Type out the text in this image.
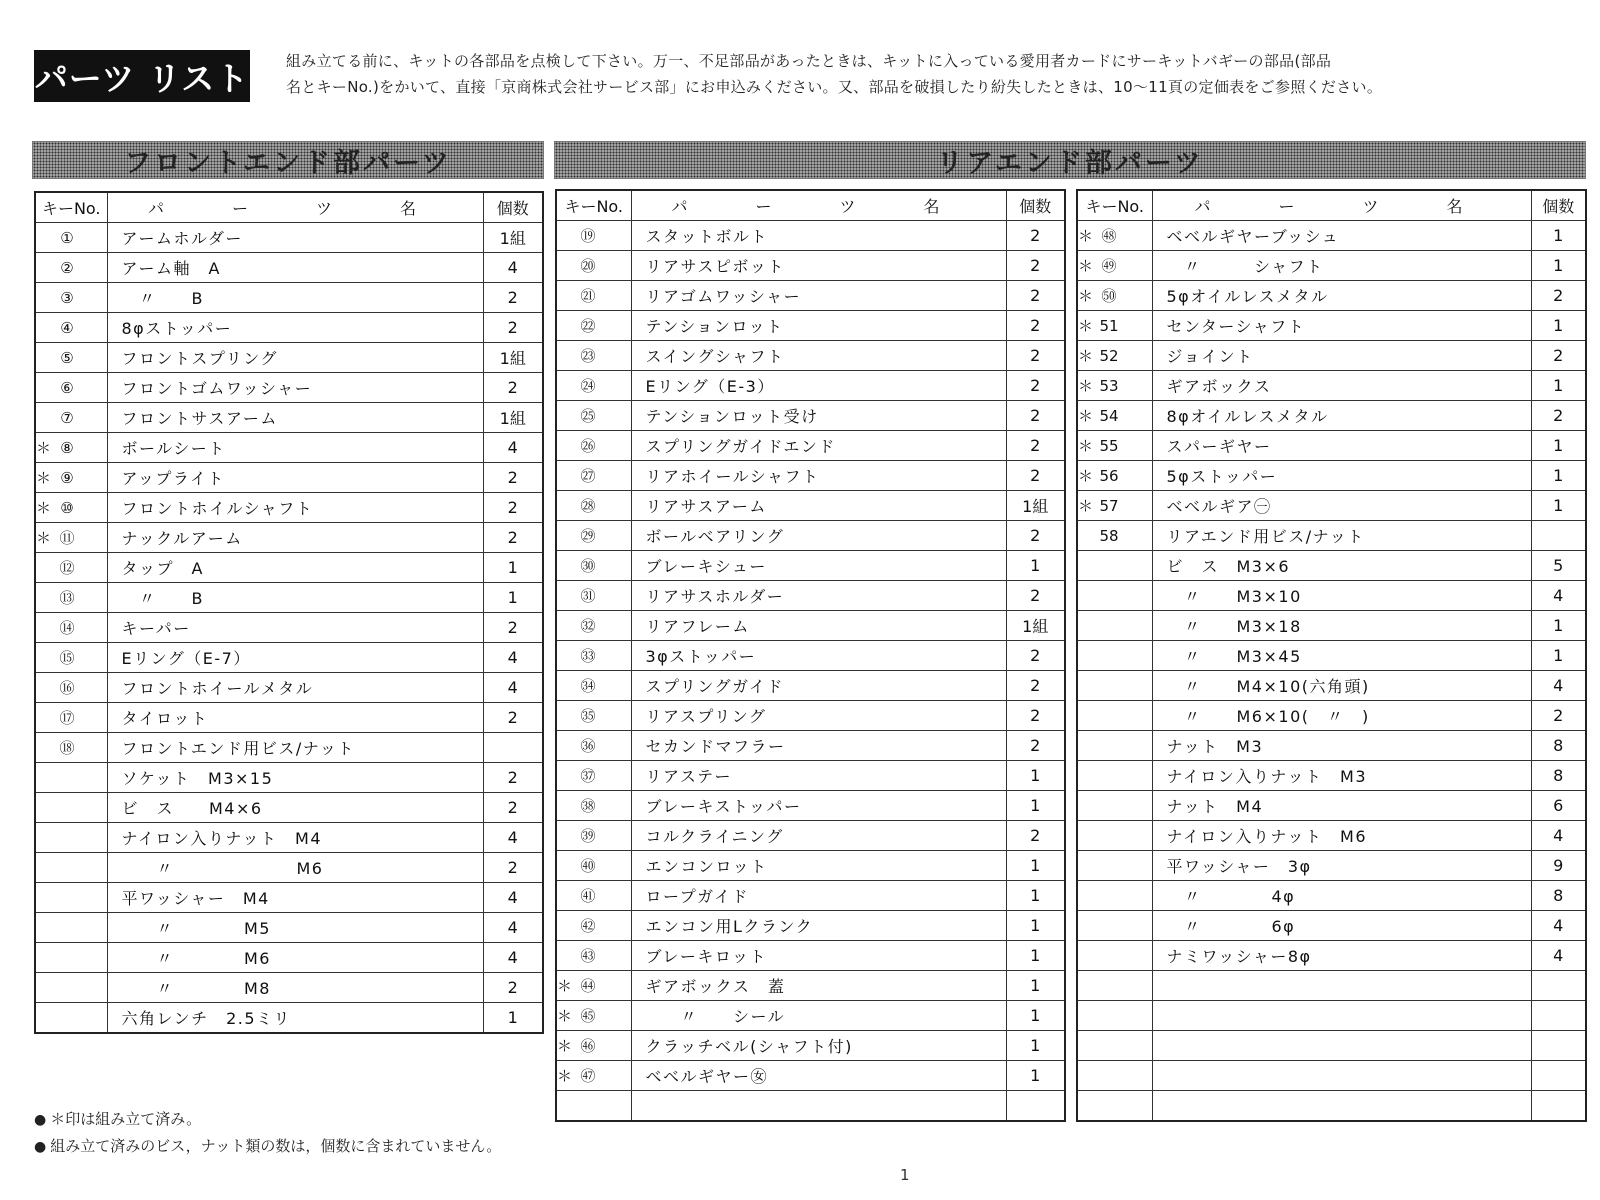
パーツ リスト 組み立てる前に、キットの各部品を点検して下さい。万一、不足部品があったときは、キットに入っている愛用者カードにサーキットバギーの部品(部品
名とキーNo.)をかいて、直接「京商株式会社サービス部」にお申込みください。又、部品を破損したり紛失したときは、10～11頁の定価表をご参照ください。
フロントエンド部パーツ	リアエンド部パーツ
キーNo.	パ　ー　ツ　名	個数
①	アームホルダー	1組
②	アーム軸　A	4
③	　〃　　B	2
④	8φストッパー	2
⑤	フロントスプリング	1組
⑥	フロントゴムワッシャー	2
⑦	フロントサスアーム	1組
＊ ⑧	ボールシート	4
＊ ⑨	アップライト	2
＊ ⑩	フロントホイルシャフト	2
＊ ⑪	ナックルアーム	2
⑫	タップ　A	1
⑬	　〃　　B	1
⑭	キーパー	2
⑮	Eリング（E-7）	4
⑯	フロントホイールメタル	4
⑰	タイロット	2
⑱	フロントエンド用ビス/ナット	
	ソケット　M3×15	2
	ビ　ス　　M4×6	2
	ナイロン入りナット　M4	4
	　　〃　　　　　　　M6	2
	平ワッシャー　M4	4
	　　〃　　　　M5	4
	　　〃　　　　M6	4
	　　〃　　　　M8	2
	六角レンチ　2.5ミリ	1
キーNo.	パ　ー　ツ　名	個数
⑲	スタットボルト	2
⑳	リアサスピボット	2
㉑	リアゴムワッシャー	2
㉒	テンションロット	2
㉓	スイングシャフト	2
㉔	Eリング（E-3）	2
㉕	テンションロット受け	2
㉖	スプリングガイドエンド	2
㉗	リアホイールシャフト	2
㉘	リアサスアーム	1組
㉙	ボールベアリング	2
㉚	ブレーキシュー	1
㉛	リアサスホルダー	2
㉜	リアフレーム	1組
㉝	3φストッパー	2
㉞	スプリングガイド	2
㉟	リアスプリング	2
㊱	セカンドマフラー	2
㊲	リアステー	1
㊳	ブレーキストッパー	1
㊴	コルクライニング	2
㊵	エンコンロット	1
㊶	ロープガイド	1
㊷	エンコン用Lクランク	1
㊸	ブレーキロット	1
＊ ㊹	ギアボックス　蓋	1
＊ ㊺	　　〃　　シール	1
＊ ㊻	クラッチベル(シャフト付)	1
＊ ㊼	ベベルギヤー㊛	1

キーNo.	パ　ー　ツ　名	個数
＊ ㊽	ベベルギヤーブッシュ	1
＊ ㊾	　〃　　　シャフト	1
＊ ㊿	5φオイルレスメタル	2
＊ 51	センターシャフト	1
＊ 52	ジョイント	2
＊ 53	ギアボックス	1
＊ 54	8φオイルレスメタル	2
＊ 55	スパーギヤー	1
＊ 56	5φストッパー	1
＊ 57	ベベルギア㊀	1
58	リアエンド用ビス/ナット	
	ビ　ス　M3×6	5
	　〃　　M3×10	4
	　〃　　M3×18	1
	　〃　　M3×45	1
	　〃　　M4×10(六角頭)	4
	　〃　　M6×10(　〃　)	2
	ナット　M3	8
	ナイロン入りナット　M3	8
	ナット　M4	6
	ナイロン入りナット　M6	4
	平ワッシャー　3φ	9
	　〃　　　　4φ	8
	　〃　　　　6φ	4
	ナミワッシャー8φ	4

● ＊印は組み立て済み。
● 組み立て済みのビス，ナット類の数は，個数に含まれていません。
1
